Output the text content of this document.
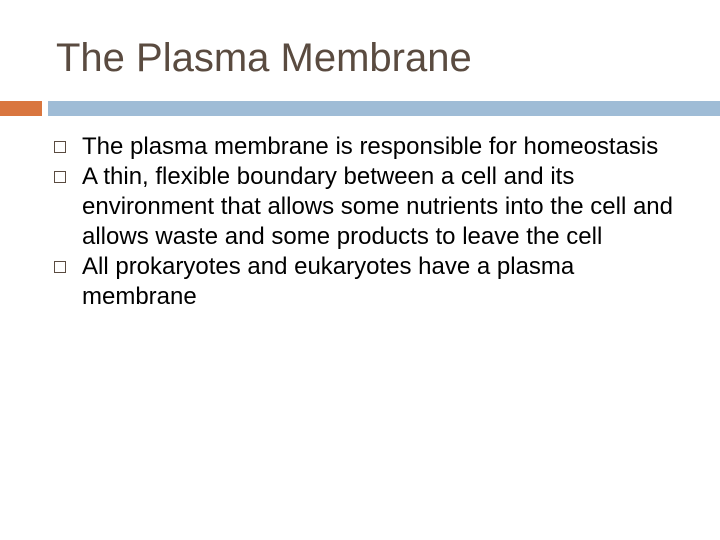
The Plasma Membrane
The plasma membrane is responsible for homeostasis
A thin, flexible boundary between a cell and its environment that allows some nutrients into the cell and allows waste and some products to leave the cell
All prokaryotes and eukaryotes have a plasma membrane
